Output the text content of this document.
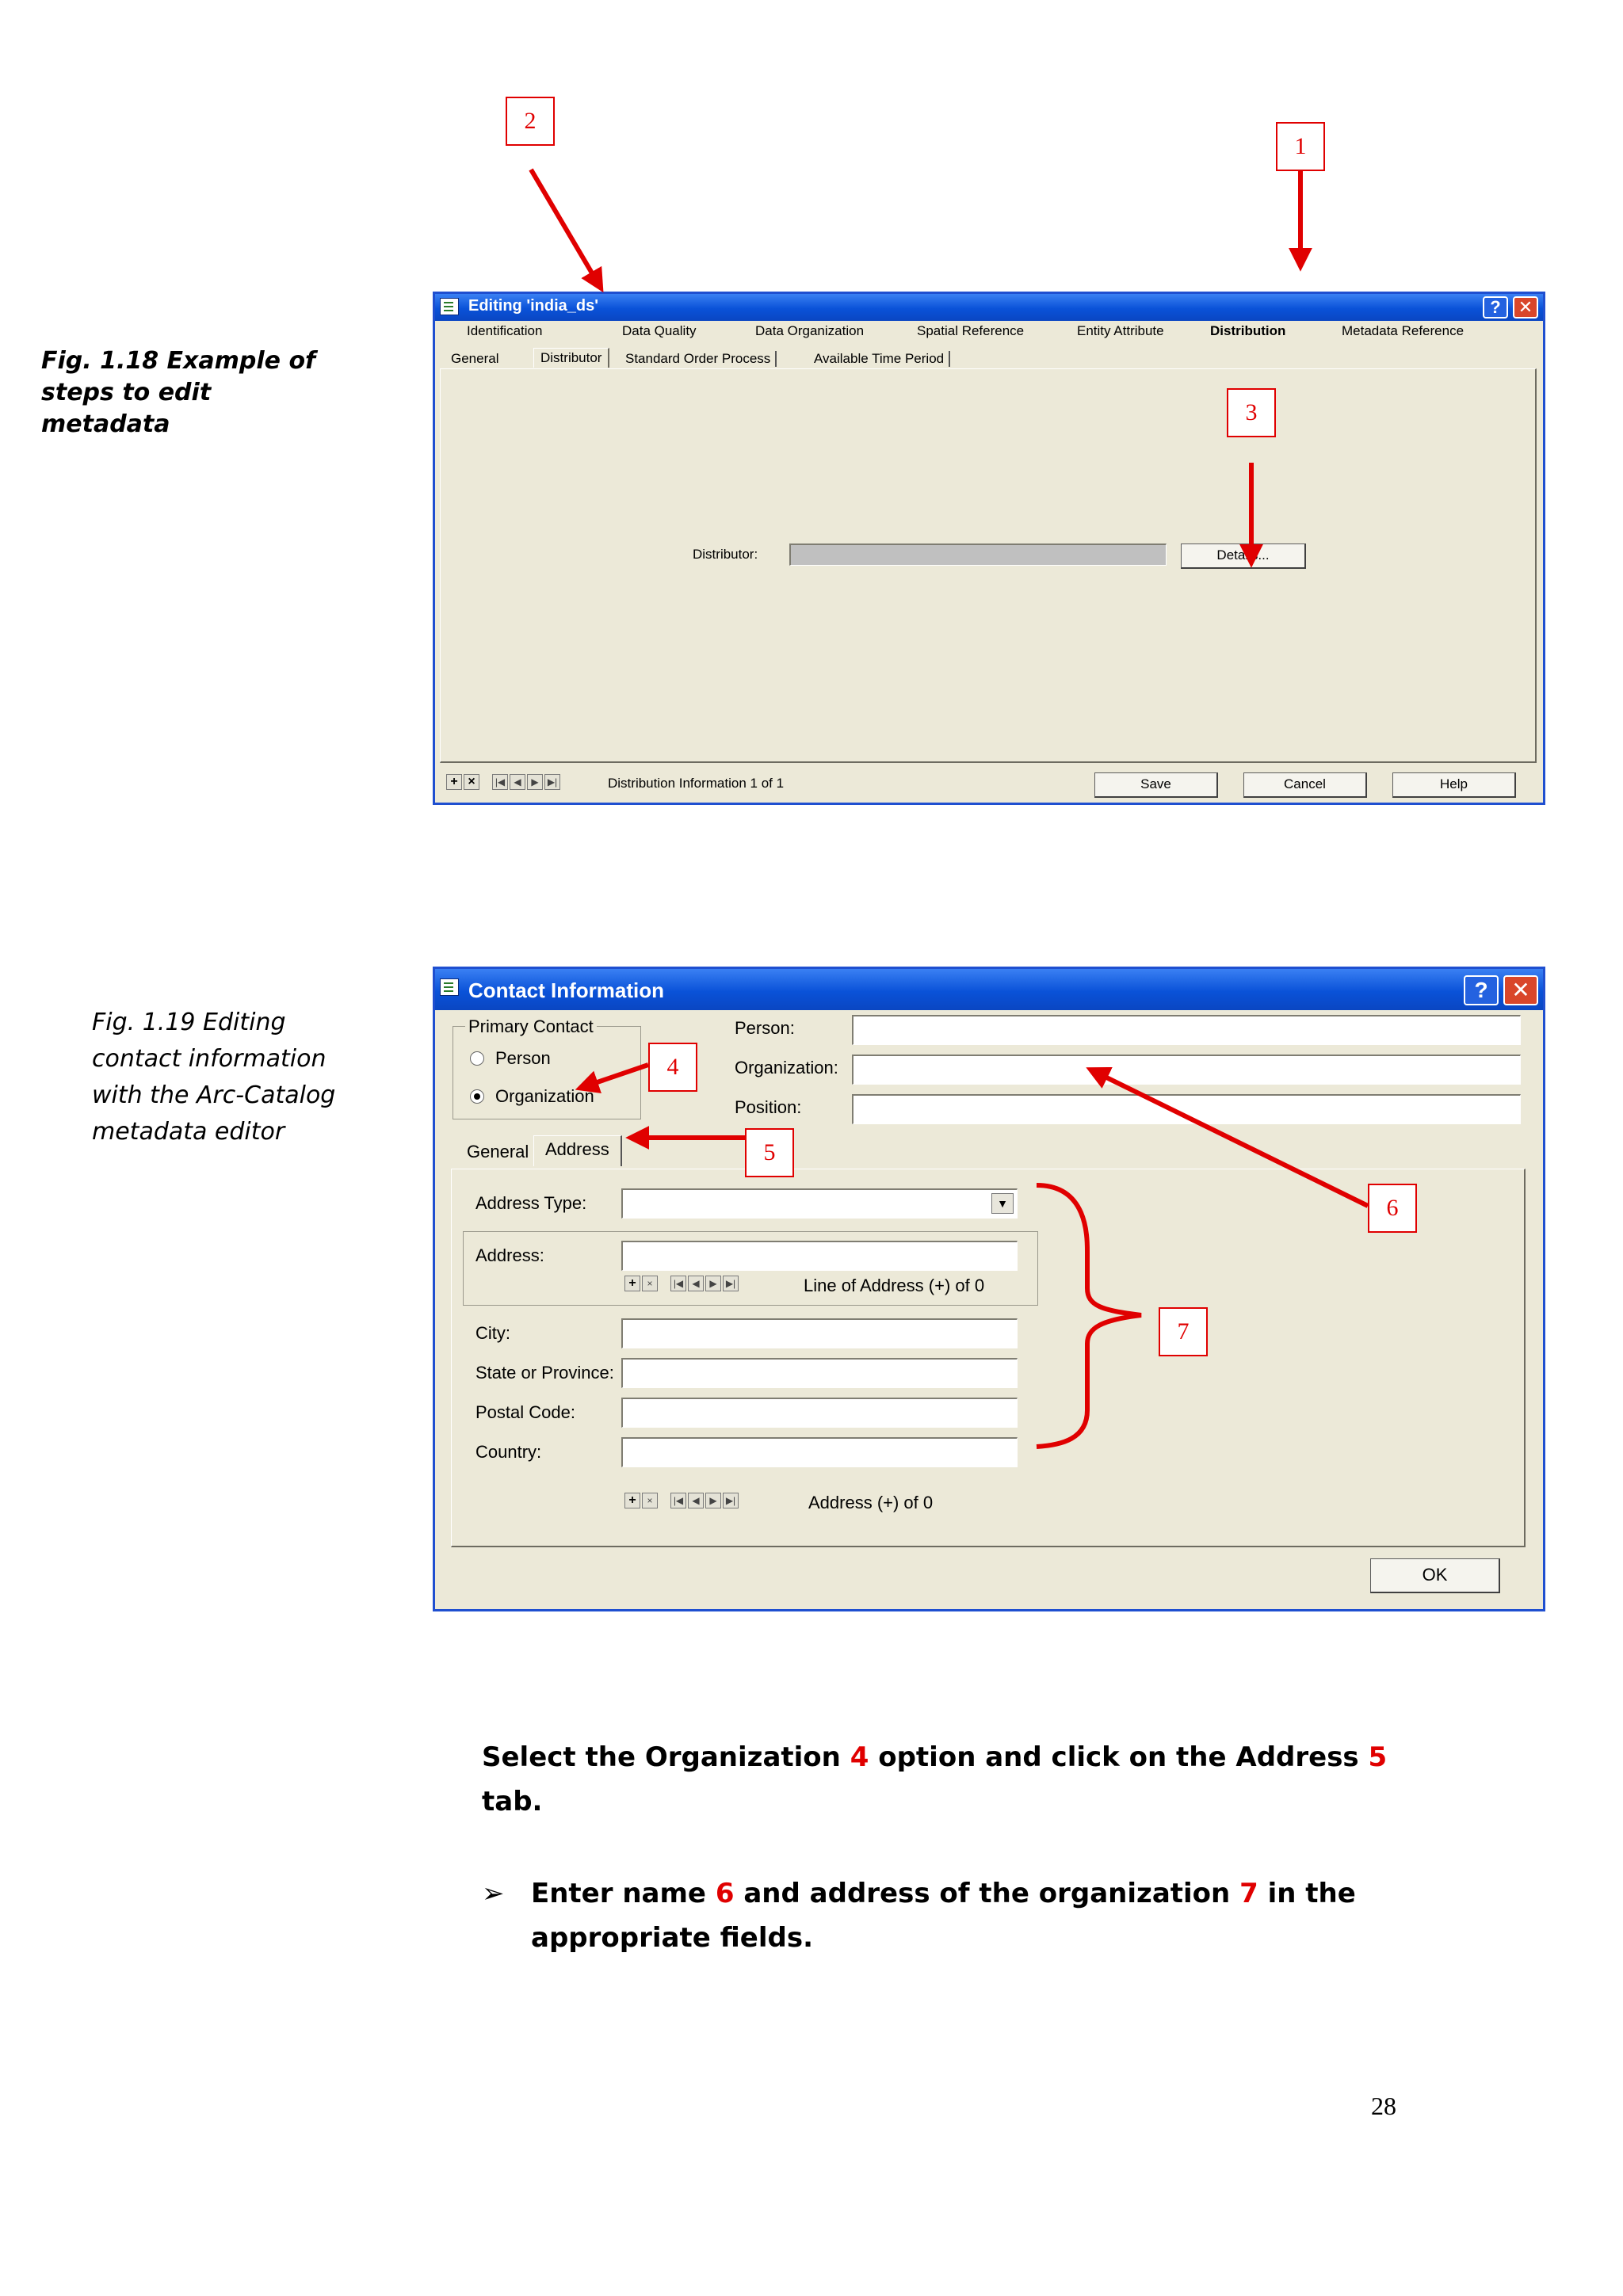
Fig. 1.18 Example of steps to edit metadata

2
1
Editing 'india_ds'	?	✕
Identification	Data Quality	Data Organization	Spatial Reference	Entity Attribute	Distribution	Metadata Reference
General	Distributor	Standard Order Process	Available Time Period
Distributor:	Details...
+ ×	|◀ ◀	▶ ▶|	Distribution Information 1 of 1	Save	Cancel	Help
3

Fig. 1.19 Editing contact information with the Arc-Catalog metadata editor

Contact Information	?	✕
Primary Contact
Person
Organization
Person:
Organization:
Position:
General Address
Address Type:	▼
Address:
+	×	|◀ ◀	▶ ▶|	Line of Address (+) of 0
City:
State or Province:
Postal Code:
Country:
+	×	|◀ ◀	▶ ▶|	Address (+) of 0
OK
4
5
6
7
Select the Organization 4 option and click on the Address 5 tab.
➢ Enter name 6 and address of the organization 7 in the appropriate fields.
28
